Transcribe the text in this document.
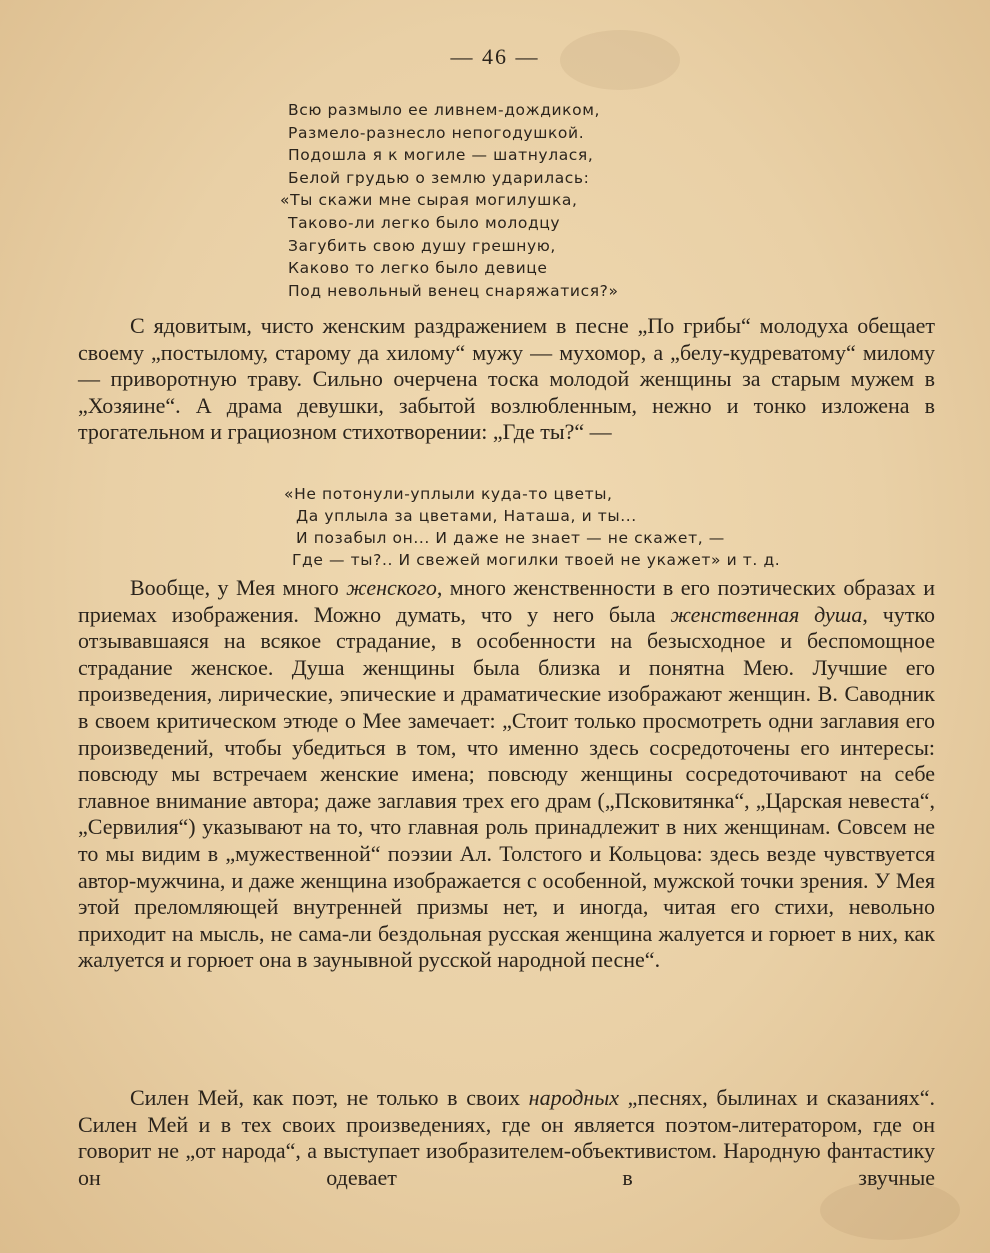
— 46 —
Всю размыло ее ливнем-дождиком,
Размело-разнесло непогодушкой.
Подошла я к могиле — шатнулася,
Белой грудью о землю ударилась:
«Ты скажи мне сырая могилушка,
Таково-ли легко было молодцу
Загубить свою душу грешную,
Каково то легко было девице
Под невольный венец снаряжатися?»

С ядовитым, чисто женским раздражением в песне „По грибы“ молодуха обещает своему „постылому, старому да хилому“ мужу — мухомор, а „белу-кудреватому“ милому — приворотную траву. Сильно очерчена тоска молодой женщины за старым мужем в „Хозяине“. А драма девушки, забытой возлюбленным, нежно и тонко изложена в трогательном и грациозном стихотворении: „Где ты?“ —

«Не потонули-уплыли куда-то цветы,
Да уплыла за цветами, Наташа, и ты...
И позабыл он... И даже не знает — не скажет, —
Где — ты?.. И свежей могилки твоей не укажет» и т. д.

Вообще, у Мея много женского, много женственности в его поэтических образах и приемах изображения. Можно думать, что у него была женственная душа, чутко отзывавшаяся на всякое страдание, в особенности на безысходное и беспомощное страдание женское. Душа женщины была близка и понятна Мею. Лучшие его произведения, лирические, эпические и драматические изображают женщин. В. Саводник в своем критическом этюде о Мее замечает: „Стоит только просмотреть одни заглавия его произведений, чтобы убедиться в том, что именно здесь сосредоточены его интересы: повсюду мы встречаем женские имена; повсюду женщины сосредоточивают на себе главное внимание автора; даже заглавия трех его драм („Псковитянка“, „Царская невеста“, „Сервилия“) указывают на то, что главная роль принадлежит в них женщинам. Совсем не то мы видим в „мужественной“ поэзии Ал. Толстого и Кольцова: здесь везде чувствуется автор-мужчина, и даже женщина изображается с особенной, мужской точки зрения. У Мея этой преломляющей внутренней призмы нет, и иногда, читая его стихи, невольно приходит на мысль, не сама-ли бездольная русская женщина жалуется и горюет в них, как жалуется и горюет она в заунывной русской народной песне“.

Силен Мей, как поэт, не только в своих народных „песнях, былинах и сказаниях“. Силен Мей и в тех своих произведениях, где он является поэтом-литератором, где он говорит не „от народа“, а выступает изобразителем-объективистом. Народную фантастику он одевает в звучные
